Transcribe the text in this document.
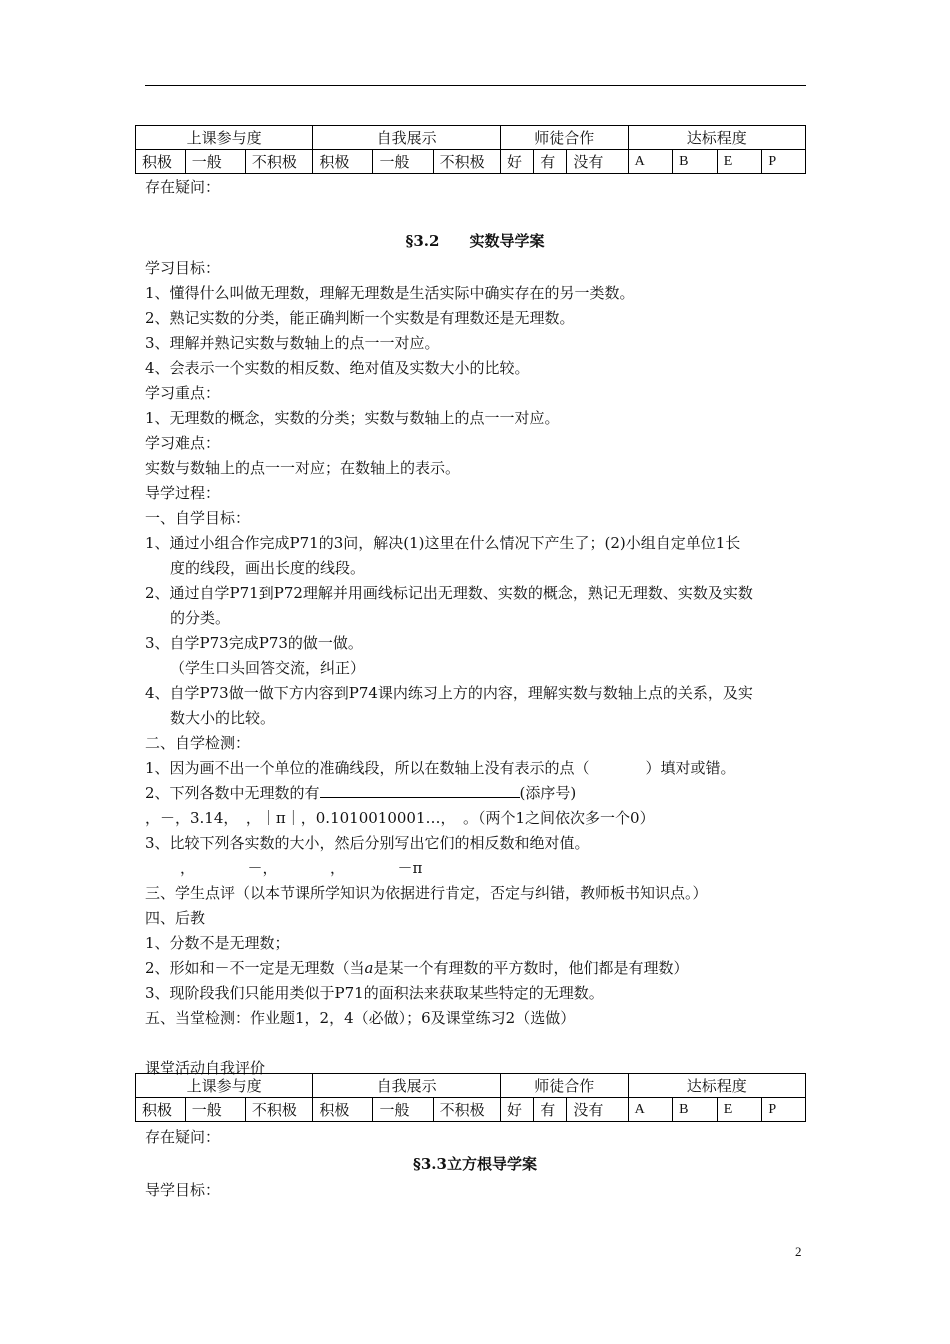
上课参与度			自我展示			师徒合作			达标程度			
积极	一般	不积极	积极	一般	不积极	好	有	没有	A	B	E	P
存在疑问：
§3.2　　实数导学案
学习目标：
1、懂得什么叫做无理数，理解无理数是生活实际中确实存在的另一类数。
2、熟记实数的分类，能正确判断一个实数是有理数还是无理数。
3、理解并熟记实数与数轴上的点一一对应。
4、会表示一个实数的相反数、绝对值及实数大小的比较。
学习重点：
1、无理数的概念，实数的分类；实数与数轴上的点一一对应。
学习难点：
实数与数轴上的点一一对应；在数轴上的表示。
导学过程：
一、自学目标：
1、通过小组合作完成P71的3问，解决(1)这里在什么情况下产生了；(2)小组自定单位1长
度的线段，画出长度的线段。
2、通过自学P71到P72理解并用画线标记出无理数、实数的概念，熟记无理数、实数及实数
的分类。
3、自学P73完成P73的做一做。
（学生口头回答交流，纠正）
4、自学P73做一做下方内容到P74课内练习上方的内容，理解实数与数轴上点的关系，及实
数大小的比较。
二、自学检测：
1、因为画不出一个单位的准确线段，所以在数轴上没有表示的点（	）填对或错。
2、下列各数中无理数的有	(添序号)
，－，3.14，　，｜π｜，0.1010010001…，　。（两个1之间依次多一个0）
3、比较下列各实数的大小，然后分别写出它们的相反数和绝对值。
，　　　　－，　　　　，　　　　－π
三、学生点评（以本节课所学知识为依据进行肯定，否定与纠错，教师板书知识点。）
四、后教
1、分数不是无理数；
2、形如和－不一定是无理数（当a是某一个有理数的平方数时，他们都是有理数）
3、现阶段我们只能用类似于P71的面积法来获取某些特定的无理数。
五、当堂检测：作业题1，2，4（必做）；6及课堂练习2（选做）
课堂活动自我评价
上课参与度			自我展示			师徒合作			达标程度			
积极	一般	不积极	积极	一般	不积极	好	有	没有	A	B	E	P
存在疑问：
§3.3立方根导学案
导学目标：
2
